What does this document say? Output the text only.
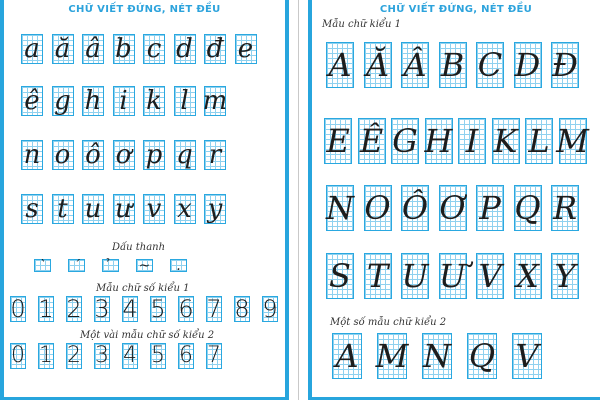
CHỮ VIẾT ĐỨNG, NÉT ĐỀU

Dấu thanh

Mẫu chữ số kiểu 1

Một vài mẫu chữ số kiểu 2

a ă â b c d đ e
ê g h i k l m
n o ô ơ p q r
s t u ư v x y
` ´	~ .
0 1 2 3 4 5 6 7 8 9
0 1 2 3 4 5 6 7
CHỮ VIẾT ĐỨNG, NÉT ĐỀU

Mẫu chữ kiểu 1

Một số mẫu chữ kiểu 2

A Ă Â B C D Đ
E Ê G H I K L M
N O Ô Ơ P Q R
S T U Ư V X Y
A M N Q V
